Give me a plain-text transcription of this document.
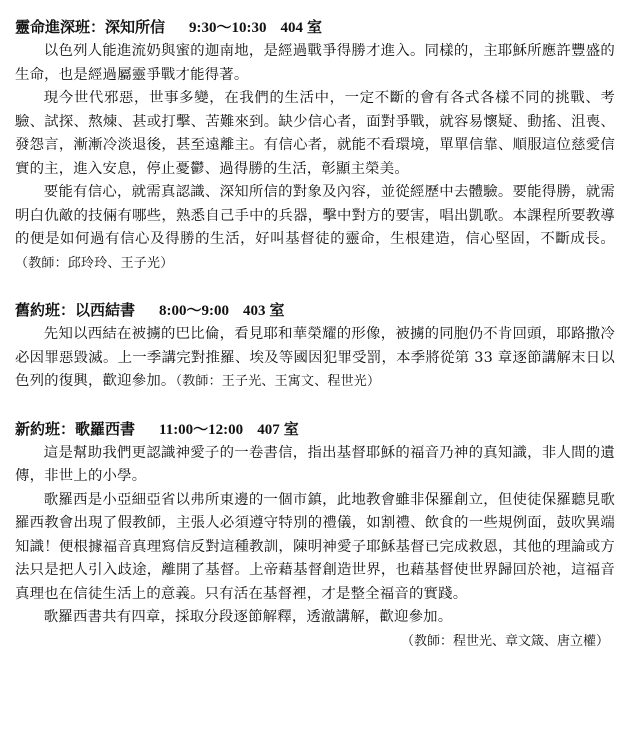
靈命進深班：深知所信 9:30～10:30 404 室

以色列人能進流奶與蜜的迦南地，是經過戰爭得勝才進入。同樣的，主耶穌所應許豐盛的生命，也是經過屬靈爭戰才能得著。

現今世代邪惡，世事多變，在我們的生活中，一定不斷的會有各式各樣不同的挑戰、考驗、試探、熬煉、甚或打擊、苦難來到。缺少信心者，面對爭戰，就容易懷疑、動搖、沮喪、發怨言，漸漸冷淡退後，甚至遠離主。有信心者，就能不看環境，單單信靠、順服這位慈愛信實的主，進入安息，停止憂鬱、過得勝的生活，彰顯主榮美。

要能有信心，就需真認識、深知所信的對象及內容，並從經歷中去體驗。要能得勝，就需明白仇敵的技倆有哪些，熟悉自己手中的兵器，擊中對方的要害，唱出凱歌。本課程所要教導的便是如何過有信心及得勝的生活，好叫基督徒的靈命，生根建造，信心堅固，不斷成長。（教師：邱玲玲、王子光）

舊約班：以西結書 8:00～9:00 403 室

先知以西結在被擄的巴比倫，看見耶和華榮耀的形像，被擄的同胞仍不肯回頭，耶路撒冷必因罪惡毀滅。上一季講完對推羅、埃及等國因犯罪受罰，本季將從第 33 章逐節講解末日以色列的復興，歡迎參加。（教師：王子光、王寓文、程世光）

新約班：歌羅西書 11:00～12:00 407 室

這是幫助我們更認識神愛子的一卷書信，指出基督耶穌的福音乃神的真知識，非人間的遺傳，非世上的小學。

歌羅西是小亞細亞省以弗所東邊的一個市鎮，此地教會雖非保羅創立，但使徒保羅聽見歌羅西教會出現了假教師，主張人必須遵守特別的禮儀，如割禮、飲食的一些規例面，鼓吹異端知識！便根據福音真理寫信反對這種教訓，陳明神愛子耶穌基督已完成救恩，其他的理論或方法只是把人引入歧途，離開了基督。上帝藉基督創造世界，也藉基督使世界歸回於祂，這福音真理也在信徒生活上的意義。只有活在基督裡，才是整全福音的實踐。

歌羅西書共有四章，採取分段逐節解釋，透澈講解，歡迎參加。

（教師：程世光、章文箴、唐立權）
